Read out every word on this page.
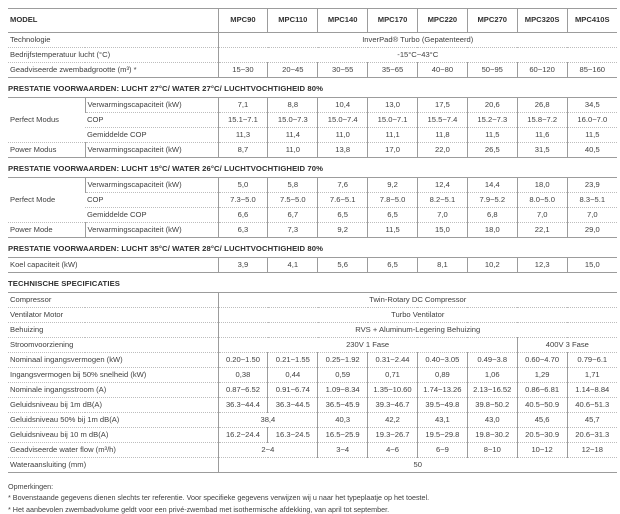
MODEL	MPC90	MPC110	MPC140	MPC170	MPC220	MPC270	MPC320S	MPC410S
Technologie	InverPad® Turbo (Gepatenteerd)							
Bedrijfstemperatuur lucht (°C)	-15°C~43°C							
Geadviseerde zwembadgrootte (m³) *	15~30	20~45	30~55	35~65	40~80	50~95	60~120	85~160
PRESTATIE VOORWAARDEN: LUCHT 27°C/ WATER 27°C/ LUCHTVOCHTIGHEID 80%
Perfect Modus	Verwarmingscapaciteit (kW)	7,1	8,8	10,4	13,0	17,5	20,6	26,8	34,5
	COP	15.1~7.1	15.0~7.3	15.0~7.4	15.0~7.1	15.5~7.4	15.2~7.3	15.8~7.2	16.0~7.0
	Gemiddelde COP	11,3	11,4	11,0	11,1	11,8	11,5	11,6	11,5
Power Modus	Verwarmingscapaciteit (kW)	8,7	11,0	13,8	17,0	22,0	26,5	31,5	40,5
PRESTATIE VOORWAARDEN: LUCHT 15°C/ WATER 26°C/ LUCHTVOCHTIGHEID 70%
Perfect Mode	Verwarmingscapaciteit (kW)	5,0	5,8	7,6	9,2	12,4	14,4	18,0	23,9
	COP	7.3~5.0	7.5~5.0	7.6~5.1	7.8~5.0	8.2~5.1	7.9~5.2	8.0~5.0	8.3~5.1
	Gemiddelde COP	6,6	6,7	6,5	6,5	7,0	6,8	7,0	7,0
Power Mode	Verwarmingscapaciteit (kW)	6,3	7,3	9,2	11,5	15,0	18,0	22,1	29,0
PRESTATIE VOORWAARDEN: LUCHT 35°C/ WATER 28°C/ LUCHTVOCHTIGHEID 80%
Koel capaciteit (kW)	3,9	4,1	5,6	6,5	8,1	10,2	12,3	15,0
TECHNISCHE SPECIFICATIES
Compressor	Twin-Rotary DC Compressor							
Ventilator Motor	Turbo Ventilator							
Behuizing	RVS + Aluminum-Legering Behuizing							
Stroomvoorziening	230V 1 Fase						400V 3 Fase	
Nominaal ingangsvermogen (kW)	0.20~1.50	0.21~1.55	0.25~1.92	0.31~2.44	0.40~3.05	0.49~3.8	0.60~4.70	0.79~6.1
Ingangsvermogen bij 50% snelheid (kW)	0,38	0,44	0,59	0,71	0,89	1,06	1,29	1,71
Nominale ingangsstroom (A)	0.87~6.52	0.91~6.74	1.09~8.34	1.35~10.60	1.74~13.26	2.13~16.52	0.86~6.81	1.14~8.84
Geluidsniveau bij 1m dB(A)	36.3~44.4	36.3~44.5	36.5~45.9	39.3~46.7	39.5~49.8	39.8~50.2	40.5~50.9	40.6~51.3
Geluidsniveau 50% bij 1m dB(A)	38,4		40,3	42,2	43,1	43,0	45,6	45,7
Geluidsniveau bij 10 m dB(A)	16.2~24.4	16.3~24.5	16.5~25.9	19.3~26.7	19.5~29.8	19.8~30.2	20.5~30.9	20.6~31.3
Geadviseerde water flow (m³/h)	2~4		3~4	4~6	6~9	8~10	10~12	12~18
Wateraansluiting (mm)	50							
Opmerkingen:
* Bovenstaande gegevens dienen slechts ter referentie. Voor specifieke gegevens verwijzen wij u naar het typeplaatje op het toestel.
* Het aanbevolen zwembadvolume geldt voor een privé-zwembad met isothermische afdekking, van april tot september.
